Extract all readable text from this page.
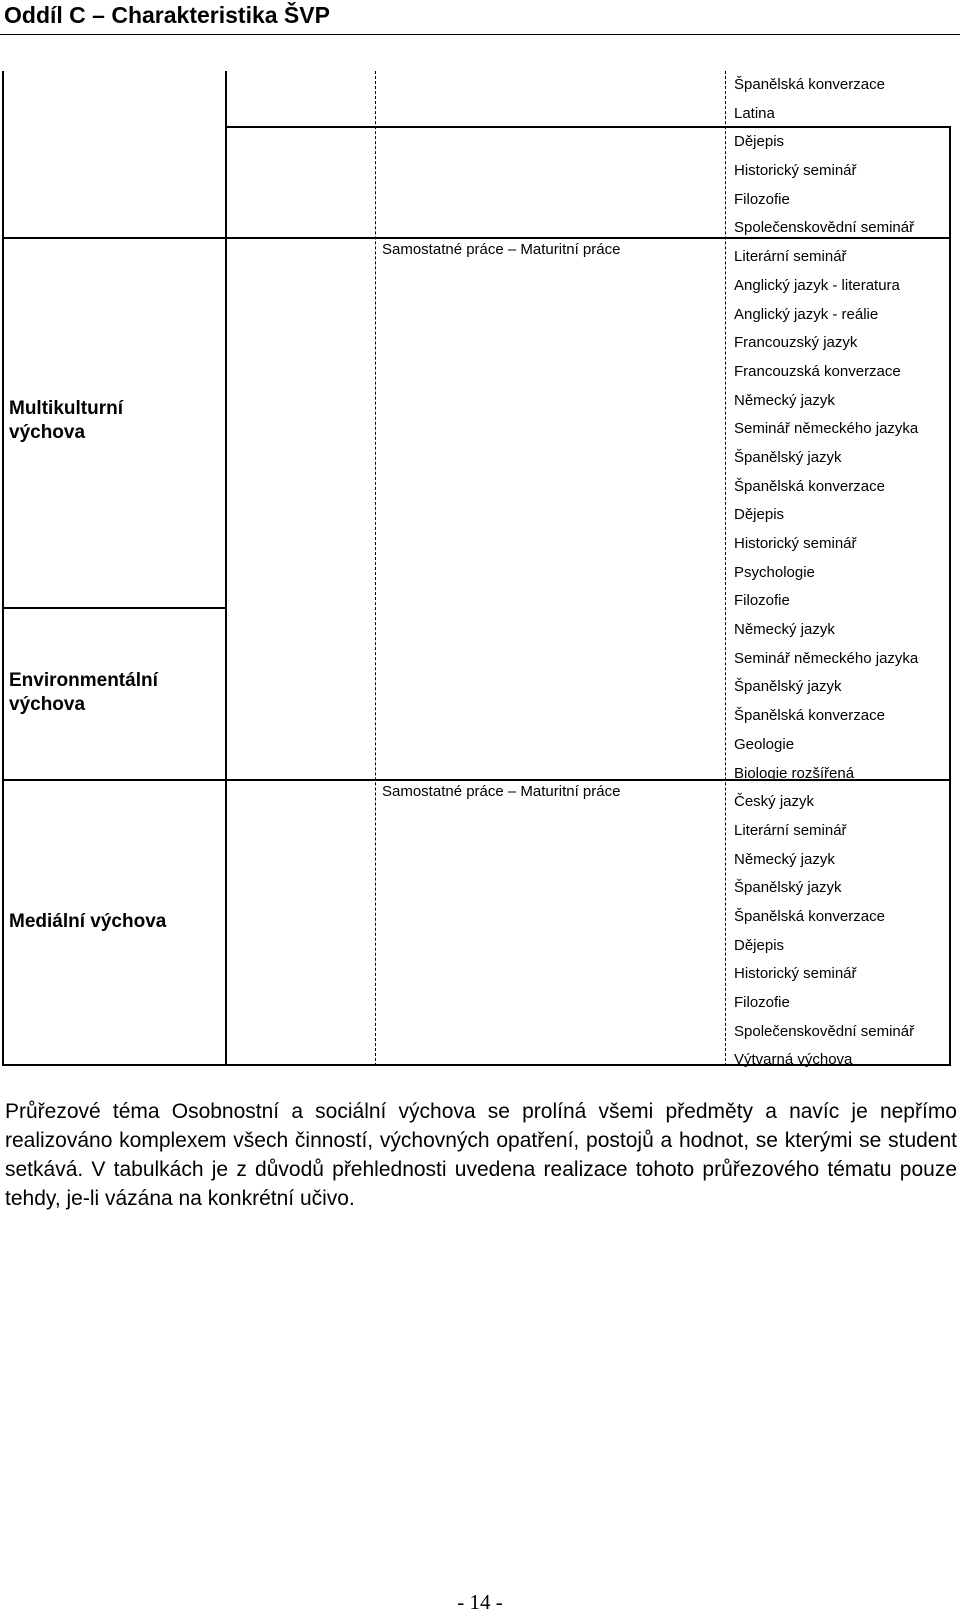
Oddíl C – Charakteristika ŠVP
Multikulturní výchova
Environmentální výchova
Mediální výchova
Samostatné práce – Maturitní práce
Samostatné práce – Maturitní práce
Španělská konverzace
Latina
Dějepis
Historický seminář
Filozofie
Společenskovědní seminář
Literární seminář
Anglický jazyk - literatura
Anglický jazyk - reálie
Francouzský jazyk
Francouzská konverzace
Německý jazyk
Seminář německého jazyka
Španělský jazyk
Španělská konverzace
Dějepis
Historický seminář
Psychologie
Filozofie
Německý jazyk
Seminář německého jazyka
Španělský jazyk
Španělská konverzace
Geologie
Biologie rozšířená
Český jazyk
Literární seminář
Německý jazyk
Španělský jazyk
Španělská konverzace
Dějepis
Historický seminář
Filozofie
Společenskovědní seminář
Výtvarná výchova

Průřezové téma Osobnostní a sociální výchova se prolíná všemi předměty a navíc je nepřímo realizováno komplexem všech činností, výchovných opatření, postojů a hodnot, se kterými se student setkává. V tabulkách je z důvodů přehlednosti uvedena realizace tohoto průřezového tématu pouze tehdy, je-li vázána na konkrétní učivo.

- 14 -
